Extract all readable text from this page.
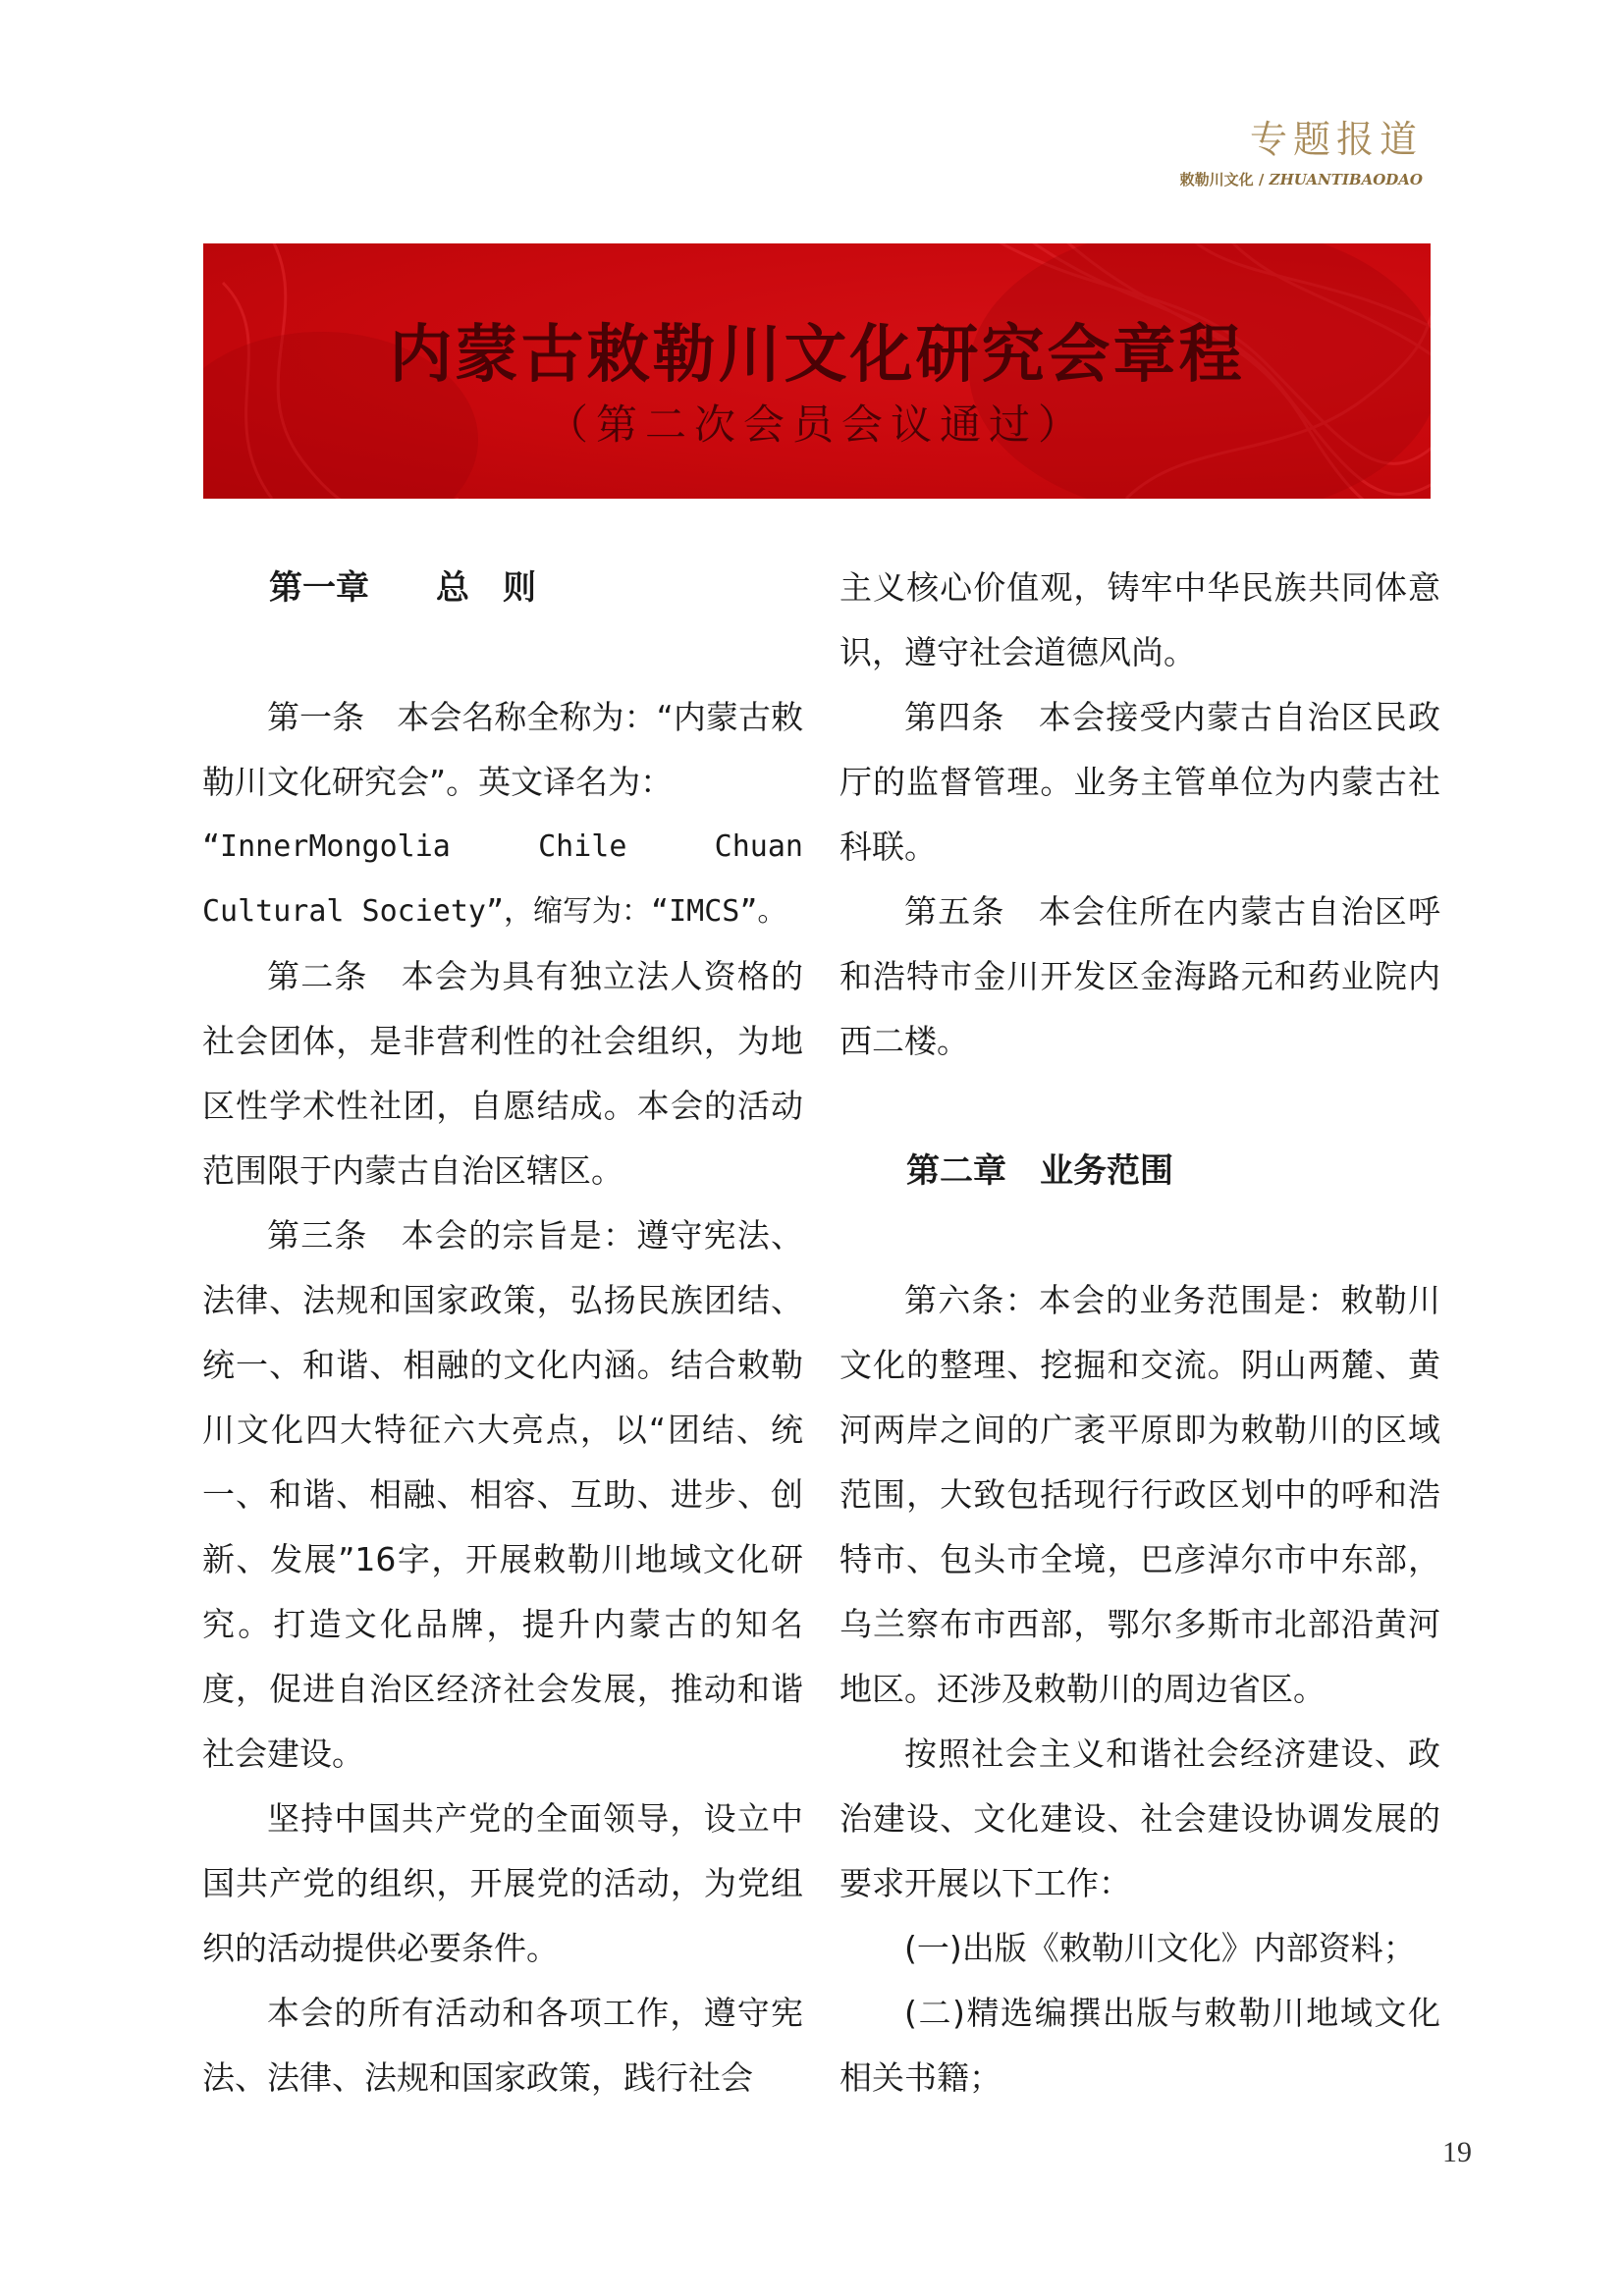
专题报道
敕勒川文化 / ZHUANTIBAODAO
内蒙古敕勒川文化研究会章程
（第二次会员会议通过）

第一章　　总　则

第一条　本会名称全称为：“内蒙古敕勒川文化研究会”。英文译名为：

“InnerMongolia Chile Chuan Cultural Society”，缩写为：“IMCS”。

第二条　本会为具有独立法人资格的社会团体，是非营利性的社会组织，为地区性学术性社团，自愿结成。本会的活动范围限于内蒙古自治区辖区。

第三条　本会的宗旨是：遵守宪法、法律、法规和国家政策，弘扬民族团结、统一、和谐、相融的文化内涵。结合敕勒川文化四大特征六大亮点，以“团结、统一、和谐、相融、相容、互助、进步、创新、发展”16字，开展敕勒川地域文化研究。打造文化品牌，提升内蒙古的知名度，促进自治区经济社会发展，推动和谐社会建设。

坚持中国共产党的全面领导，设立中国共产党的组织，开展党的活动，为党组织的活动提供必要条件。

本会的所有活动和各项工作，遵守宪法、法律、法规和国家政策，践行社会

主义核心价值观，铸牢中华民族共同体意识，遵守社会道德风尚。

第四条　本会接受内蒙古自治区民政厅的监督管理。业务主管单位为内蒙古社科联。

第五条　本会住所在内蒙古自治区呼和浩特市金川开发区金海路元和药业院内西二楼。

第二章　业务范围

第六条：本会的业务范围是：敕勒川文化的整理、挖掘和交流。阴山两麓、黄河两岸之间的广袤平原即为敕勒川的区域范围，大致包括现行行政区划中的呼和浩特市、包头市全境，巴彦淖尔市中东部，乌兰察布市西部，鄂尔多斯市北部沿黄河地区。还涉及敕勒川的周边省区。

按照社会主义和谐社会经济建设、政治建设、文化建设、社会建设协调发展的要求开展以下工作：

(一)出版《敕勒川文化》内部资料；

(二)精选编撰出版与敕勒川地域文化相关书籍；

19
